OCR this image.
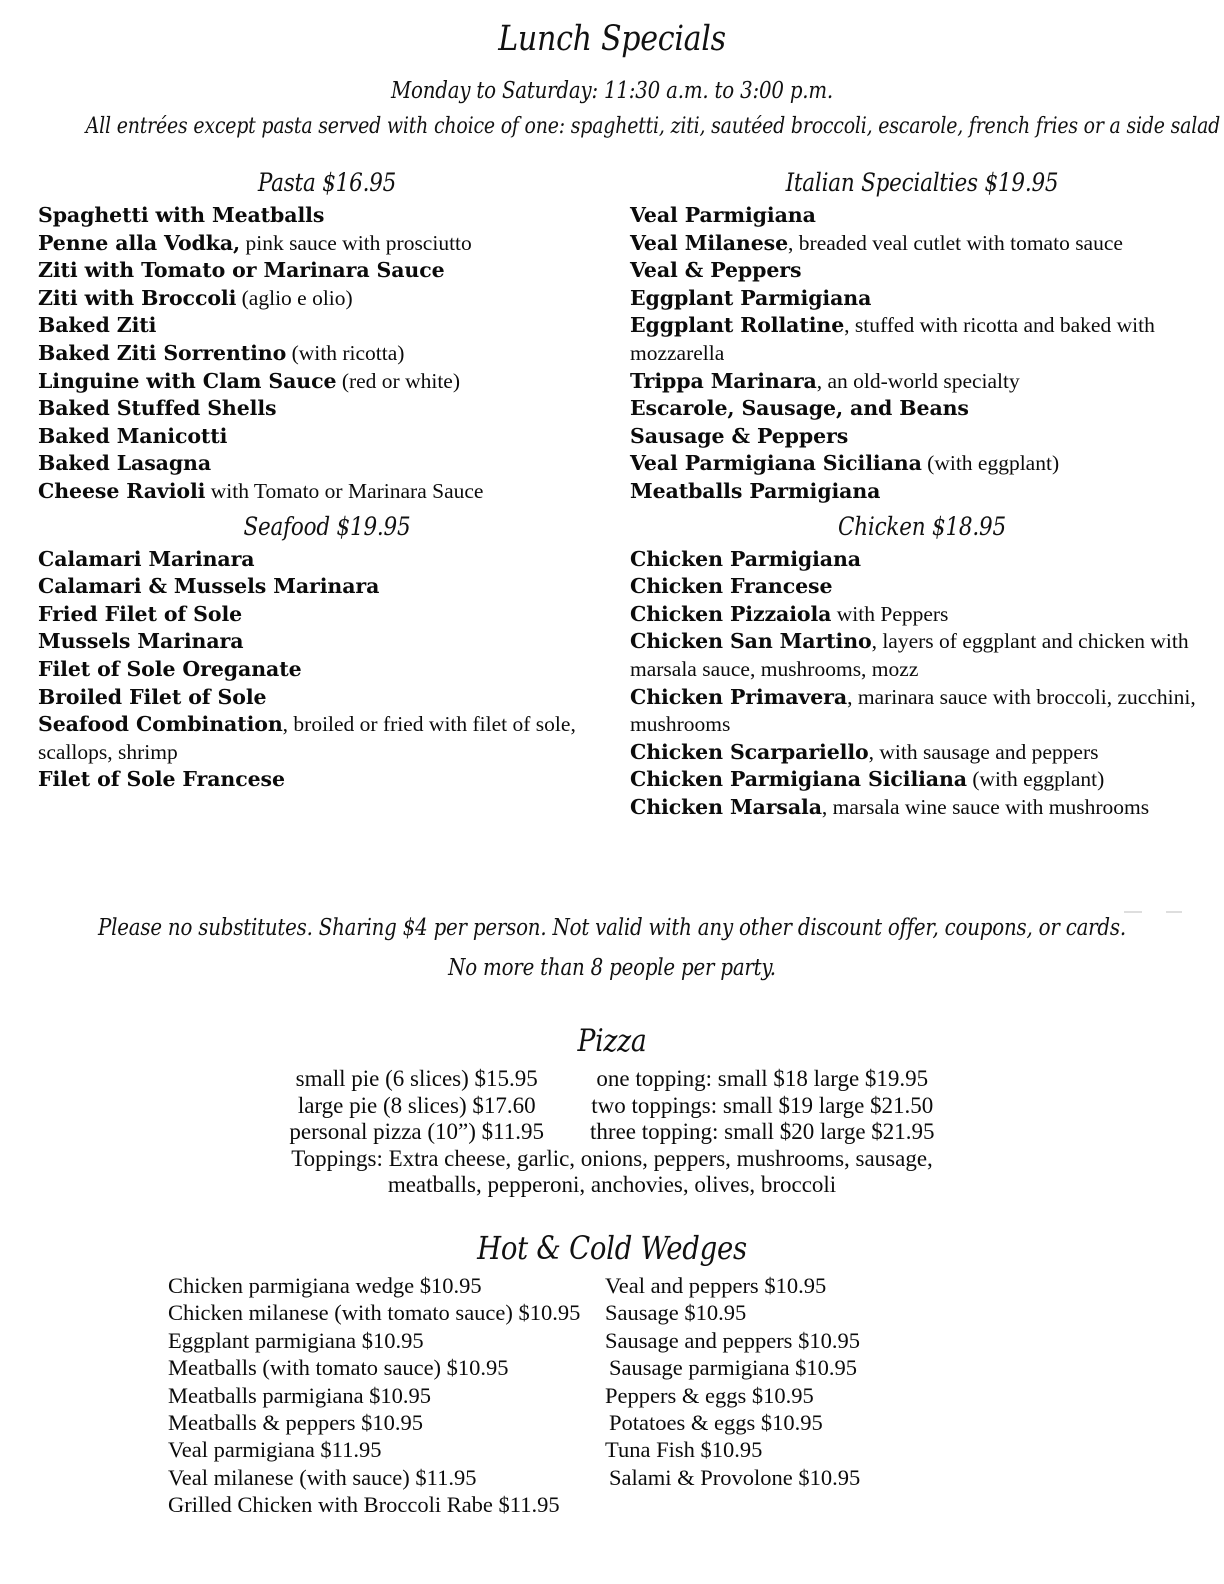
Lunch Specials
Monday to Saturday: 11:30 a.m. to 3:00 p.m.
All entrées except pasta served with choice of one: spaghetti, ziti, sautéed broccoli, escarole, french fries or a side salad
Pasta $16.95
Spaghetti with Meatballs
Penne alla Vodka, pink sauce with prosciutto
Ziti with Tomato or Marinara Sauce
Ziti with Broccoli (aglio e olio)
Baked Ziti
Baked Ziti Sorrentino (with ricotta)
Linguine with Clam Sauce (red or white)
Baked Stuffed Shells
Baked Manicotti
Baked Lasagna
Cheese Ravioli with Tomato or Marinara Sauce
Seafood $19.95
Calamari Marinara
Calamari & Mussels Marinara
Fried Filet of Sole
Mussels Marinara
Filet of Sole Oreganate
Broiled Filet of Sole
Seafood Combination, broiled or fried with filet of sole, scallops, shrimp
Filet of Sole Francese
Italian Specialties $19.95
Veal Parmigiana
Veal Milanese, breaded veal cutlet with tomato sauce
Veal & Peppers
Eggplant Parmigiana
Eggplant Rollatine, stuffed with ricotta and baked with mozzarella
Trippa Marinara, an old-world specialty
Escarole, Sausage, and Beans
Sausage & Peppers
Veal Parmigiana Siciliana (with eggplant)
Meatballs Parmigiana
Chicken $18.95
Chicken Parmigiana
Chicken Francese
Chicken Pizzaiola with Peppers
Chicken San Martino, layers of eggplant and chicken with marsala sauce, mushrooms, mozz
Chicken Primavera, marinara sauce with broccoli, zucchini, mushrooms
Chicken Scarpariello, with sausage and peppers
Chicken Parmigiana Siciliana (with eggplant)
Chicken Marsala, marsala wine sauce with mushrooms
Please no substitutes. Sharing $4 per person. Not valid with any other discount offer, coupons, or cards.
No more than 8 people per party.
Pizza
small pie (6 slices) $15.95
large pie (8 slices) $17.60
personal pizza (10”) $11.95
one topping: small $18 large $19.95
two toppings: small $19 large $21.50
three topping: small $20 large $21.95
Toppings: Extra cheese, garlic, onions, peppers, mushrooms, sausage,
meatballs, pepperoni, anchovies, olives, broccoli
Hot & Cold Wedges
Chicken parmigiana wedge $10.95
Chicken milanese (with tomato sauce) $10.95
Eggplant parmigiana $10.95
Meatballs (with tomato sauce) $10.95
Meatballs parmigiana $10.95
Meatballs & peppers $10.95
Veal parmigiana $11.95
Veal milanese (with sauce) $11.95
Grilled Chicken with Broccoli Rabe $11.95
Veal and peppers $10.95
Sausage $10.95
Sausage and peppers $10.95
Sausage parmigiana $10.95
Peppers & eggs $10.95
Potatoes & eggs $10.95
Tuna Fish $10.95
Salami & Provolone $10.95
